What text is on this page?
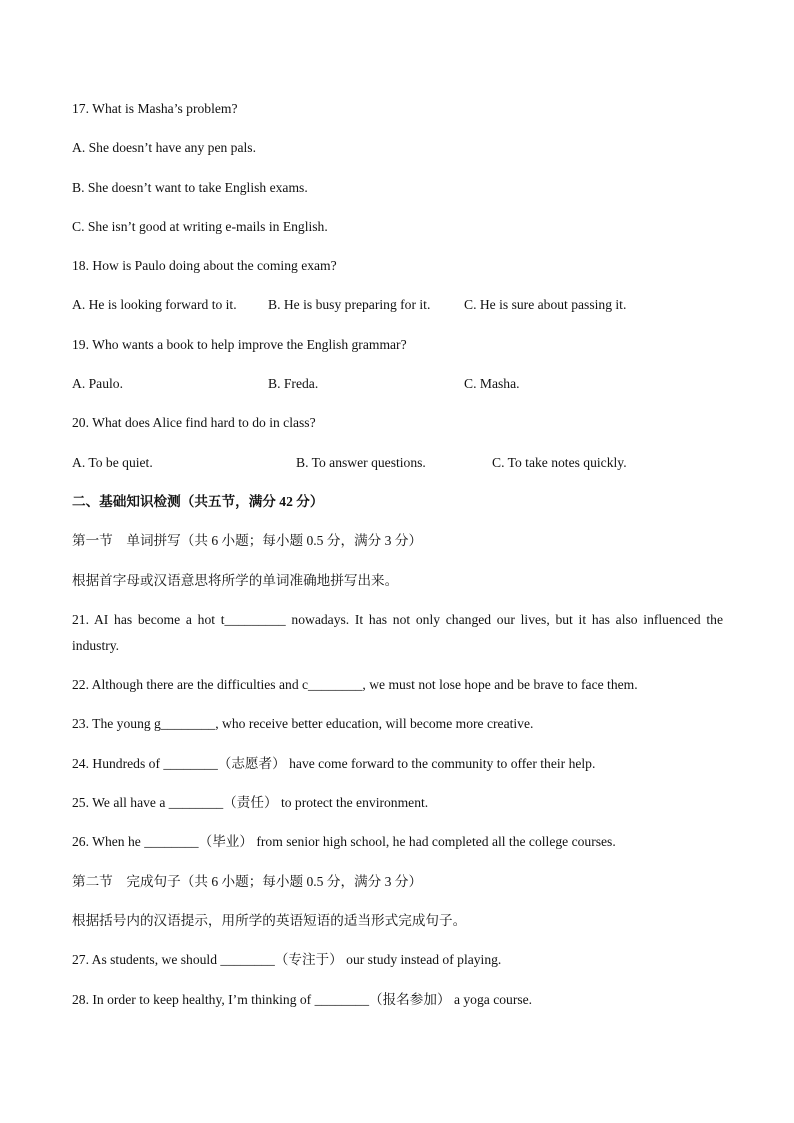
17. What is Masha’s problem?

A. She doesn’t have any pen pals.

B. She doesn’t want to take English exams.

C. She isn’t good at writing e-mails in English.

18. How is Paulo doing about the coming exam?

A. He is looking forward to it. B. He is busy preparing for it. C. He is sure about passing it.

19. Who wants a book to help improve the English grammar?

A. Paulo.	B. Freda.	C. Masha.

20. What does Alice find hard to do in class?

A. To be quiet.	B. To answer questions.	C. To take notes quickly.

二、基础知识检测（共五节，满分 42 分）

第一节　单词拼写（共 6 小题；每小题 0.5 分，满分 3 分）

根据首字母或汉语意思将所学的单词准确地拼写出来。

21. AI has become a hot t_________ nowadays. It has not only changed our lives, but it has also influenced the industry.

22. Although there are the difficulties and c________, we must not lose hope and be brave to face them.

23. The young g________, who receive better education, will become more creative.

24. Hundreds of ________（志愿者） have come forward to the community to offer their help.

25. We all have a ________（责任） to protect the environment.

26. When he ________（毕业） from senior high school, he had completed all the college courses.

第二节　完成句子（共 6 小题；每小题 0.5 分，满分 3 分）

根据括号内的汉语提示，用所学的英语短语的适当形式完成句子。

27. As students, we should ________（专注于） our study instead of playing.

28. In order to keep healthy, I’m thinking of ________（报名参加） a yoga course.
